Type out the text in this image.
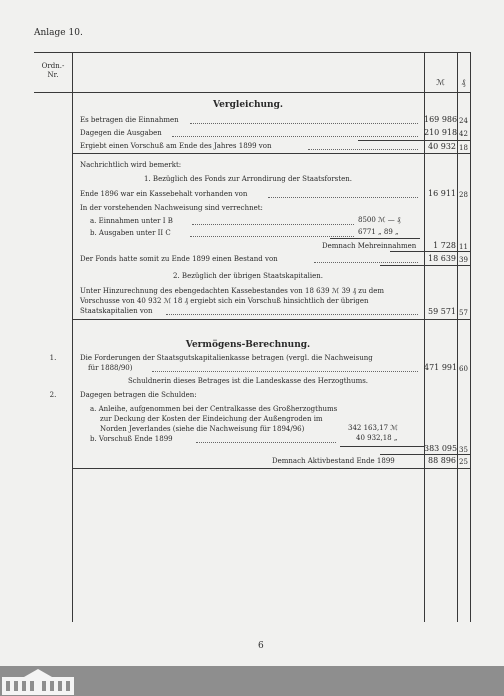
Anlage 10.
Ordn.-
Nr.
ℳ	₰
Vergleichung.
Es betragen die Einnahmen	169 986 24
Dagegen die Ausgaben	210 918 42
Ergiebt einen Vorschuß am Ende des Jahres 1899 von	40 932 18
Nachrichtlich wird bemerkt:
1. Bezüglich des Fonds zur Arrondirung der Staatsforsten.
Ende 1896 war ein Kassebehalt vorhanden von	16 911 28
In der vorstehenden Nachweisung sind verrechnet:
a. Einnahmen unter I B	8500 ℳ — ₰
b. Ausgaben unter II C	6771 „ 89 „
Demnach Mehreinnahmen	1 728 11
Der Fonds hatte somit zu Ende 1899 einen Bestand von	18 639 39
2. Bezüglich der übrigen Staatskapitalien.
Unter Hinzurechnung des ebengedachten Kassebestandes von 18 639 ℳ 39 ₰ zu dem
Vorschusse von 40 932 ℳ 18 ₰ ergiebt sich ein Vorschuß hinsichtlich der übrigen
Staatskapitalien von	59 571 57
Vermögens-Berechnung.
1.	Die Forderungen der Staatsgutskapitalienkasse betragen (vergl. die Nachweisung
für 1888/90)	471 991 60
Schuldnerin dieses Betrages ist die Landeskasse des Herzogthums.
2.	Dagegen betragen die Schulden:
a. Anleihe, aufgenommen bei der Centralkasse des Großherzogthums
zur Deckung der Kosten der Eindeichung der Außengroden im
Norden Jeverlandes (siehe die Nachweisung für 1894/96)	342 163,17 ℳ
b. Vorschuß Ende 1899	40 932,18 „
383 095 35
Demnach Aktivbestand Ende 1899	88 896 25
6
